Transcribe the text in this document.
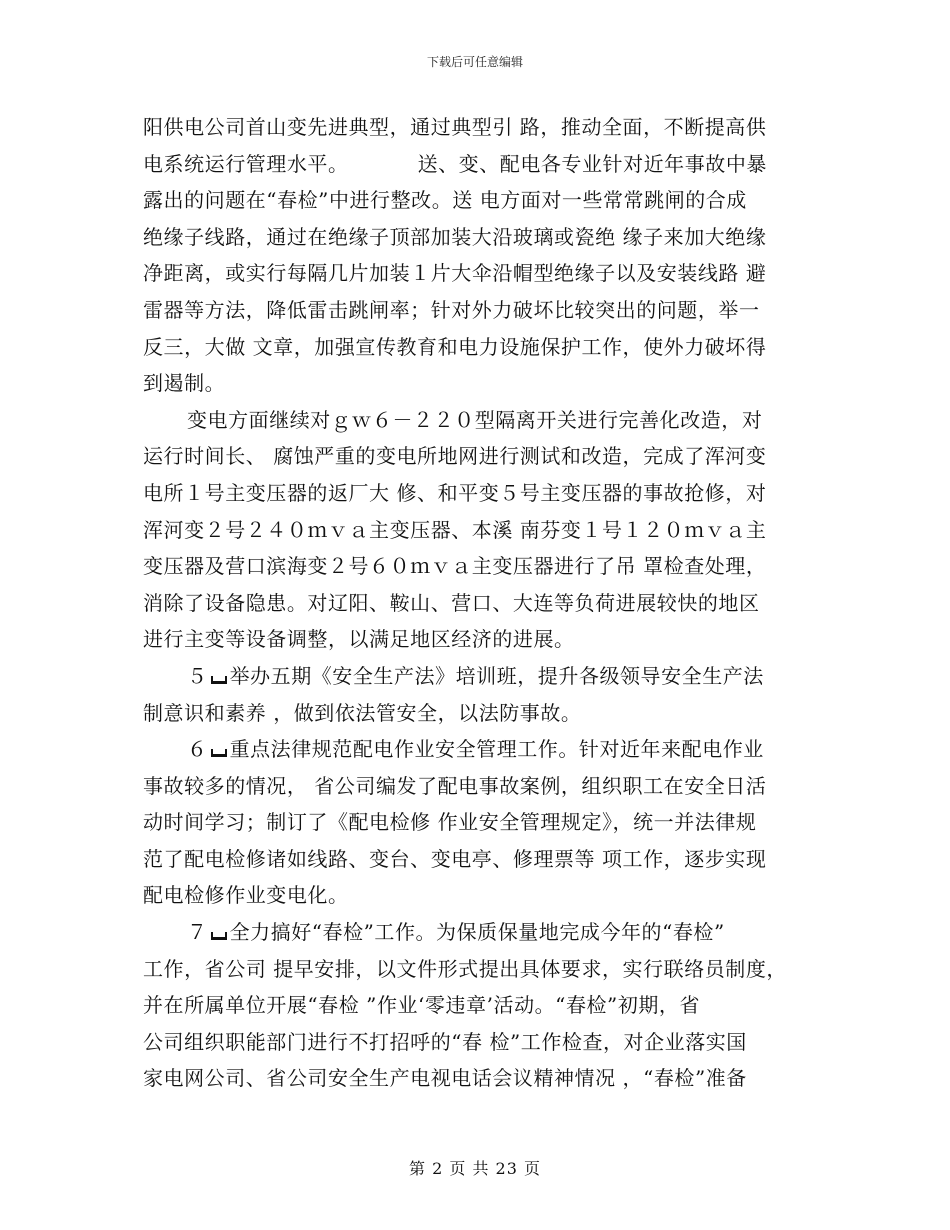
下载后可任意编辑
阳供电公司首山变先进典型，通过典型引 路，推动全面，不断提高供
电系统运行管理水平。          送、变、配电各专业针对近年事故中暴
露出的问题在“春检”中进行整改。送 电方面对一些常常跳闸的合成
绝缘子线路，通过在绝缘子顶部加装大沿玻璃或瓷绝 缘子来加大绝缘
净距离，或实行每隔几片加装１片大伞沿帽型绝缘子以及安装线路 避
雷器等方法，降低雷击跳闸率；针对外力破坏比较突出的问题，举一
反三，大做 文章，加强宣传教育和电力设施保护工作，使外力破坏得
到遏制。
变电方面继续对ｇｗ６－２２０型隔离开关进行完善化改造，对
运行时间长、 腐蚀严重的变电所地网进行测试和改造，完成了浑河变
电所１号主变压器的返厂大 修、和平变５号主变压器的事故抢修，对
浑河变２号２４０ｍｖａ主变压器、本溪 南芬变１号１２０ｍｖａ主
变压器及营口滨海变２号６０ｍｖａ主变压器进行了吊 罩检查处理，
消除了设备隐患。对辽阳、鞍山、营口、大连等负荷进展较快的地区
进行主变等设备调整，以满足地区经济的进展。
５ 举办五期《安全生产法》培训班，提升各级领导安全生产法
制意识和素养 ，做到依法管安全，以法防事故。
６ 重点法律规范配电作业安全管理工作。针对近年来配电作业
事故较多的情况， 省公司编发了配电事故案例，组织职工在安全日活
动时间学习；制订了《配电检修 作业安全管理规定》，统一并法律规
范了配电检修诸如线路、变台、变电亭、修理票等 项工作，逐步实现
配电检修作业变电化。
７ 全力搞好“春检”工作。为保质保量地完成今年的“春检”
工作，省公司 提早安排，以文件形式提出具体要求，实行联络员制度，
并在所属单位开展“春检 ”作业‘零违章’活动。“春检”初期，省
公司组织职能部门进行不打招呼的“春 检”工作检查，对企业落实国
家电网公司、省公司安全生产电视电话会议精神情况 ，“春检”准备
第 2 页 共 23 页
